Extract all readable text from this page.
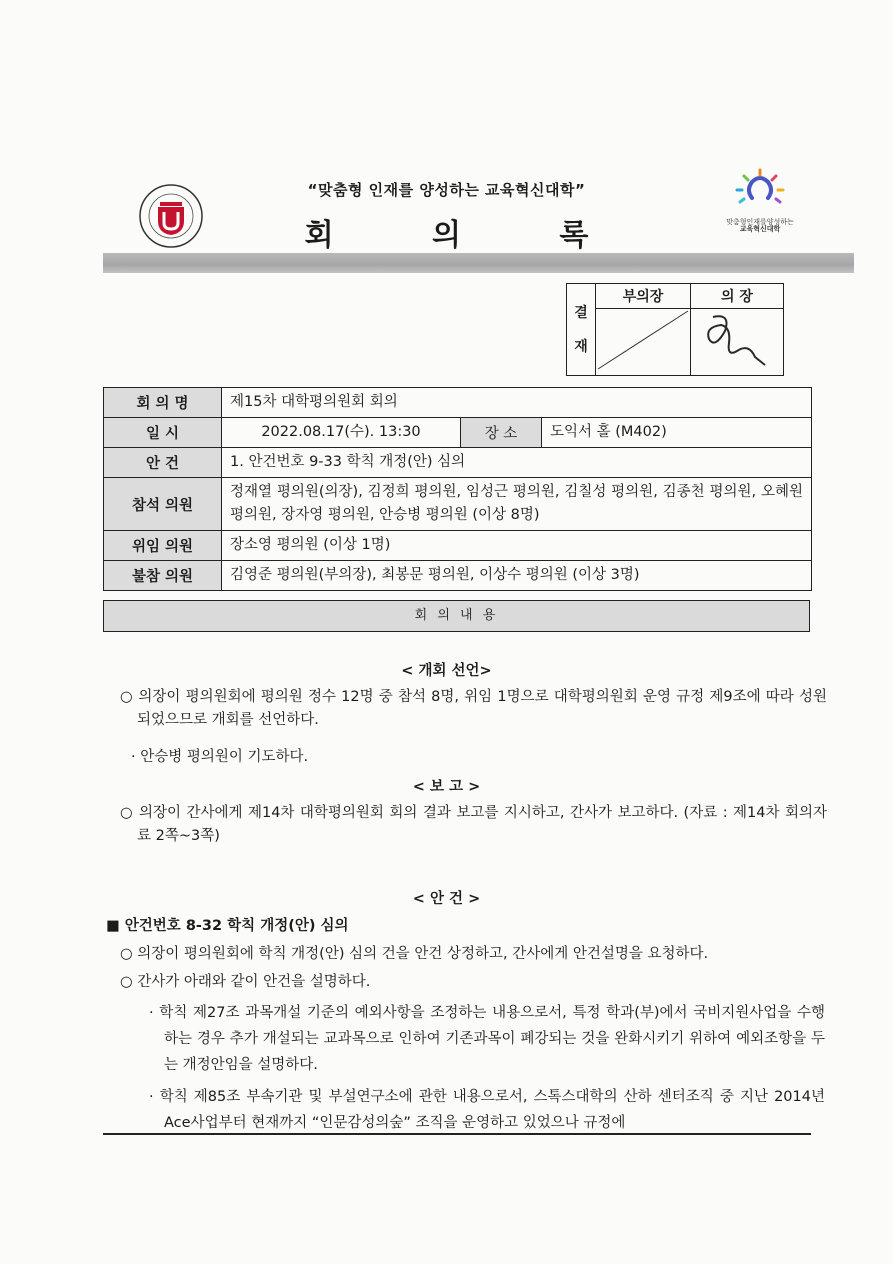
“맞춤형 인재를 양성하는 교육혁신대학”
회 의 록	맞춤형인재를양성하는
교육혁신대학
결
재	부의장	의 장

회 의 명	제15차 대학평의원회 회의		
일 시	2022.08.17(수). 13:30	장 소	도익서 홀 (M402)
안 건	1. 안건번호 9-33 학칙 개정(안) 심의		
참석 의원	정재열 평의원(의장), 김정희 평의원, 임성근 평의원, 김칠성 평의원, 김종천 평의원, 오혜원 평의원, 장자영 평의원, 안승병 평의원 (이상 8명)		
위임 의원	장소영 평의원 (이상 1명)		
불참 의원	김영준 평의원(부의장), 최봉문 평의원, 이상수 평의원 (이상 3명)		
회 의 내 용
< 개회 선언>
○ 의장이 평의원회에 평의원 정수 12명 중 참석 8명, 위임 1명으로 대학평의원회 운영 규정 제9조에 따라 성원 되었으므로 개회를 선언하다.
· 안승병 평의원이 기도하다.
< 보 고 >
○ 의장이 간사에게 제14차 대학평의원회 회의 결과 보고를 지시하고, 간사가 보고하다. (자료 : 제14차 회의자료 2쪽~3쪽)
< 안 건 >
■ 안건번호 8-32 학칙 개정(안) 심의
○ 의장이 평의원회에 학칙 개정(안) 심의 건을 안건 상정하고, 간사에게 안건설명을 요청하다.
○ 간사가 아래와 같이 안건을 설명하다.
· 학칙 제27조 과목개설 기준의 예외사항을 조정하는 내용으로서, 특정 학과(부)에서 국비지원사업을 수행하는 경우 추가 개설되는 교과목으로 인하여 기존과목이 폐강되는 것을 완화시키기 위하여 예외조항을 두는 개정안임을 설명하다.
· 학칙 제85조 부속기관 및 부설연구소에 관한 내용으로서, 스톡스대학의 산하 센터조직 중 지난 2014년 Ace사업부터 현재까지 “인문감성의숲” 조직을 운영하고 있었으나 규정에
